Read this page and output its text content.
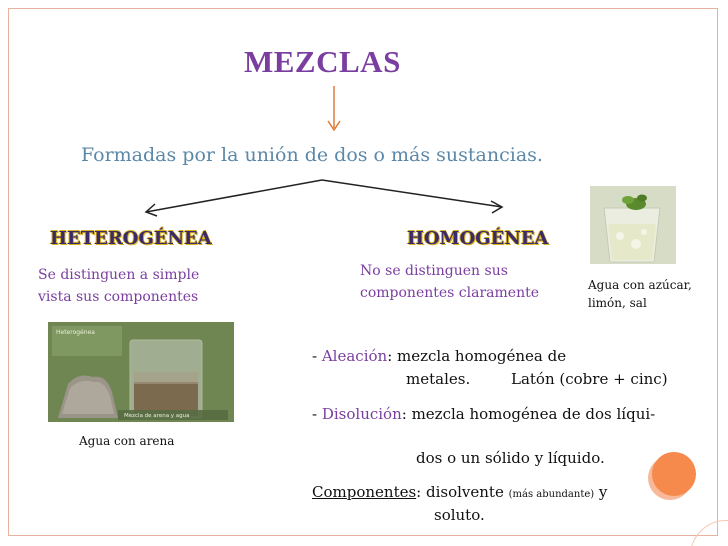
MEZCLAS
Formadas por la unión de dos o más sustancias.
HETEROGÉNEA	HOMOGÉNEA
Se distinguen a simple
vista sus componentes
No se distinguen sus
componentes claramente
Heterogénea
Mezcla de arena y agua
Agua con arena
Agua con azúcar,
limón, sal
- Aleación: mezcla homogénea de
metales.	Latón (cobre + cinc)
- Disolución: mezcla homogénea de dos líqui-
dos o un sólido y líquido.
Componentes: disolvente (más abundante) y
soluto.
